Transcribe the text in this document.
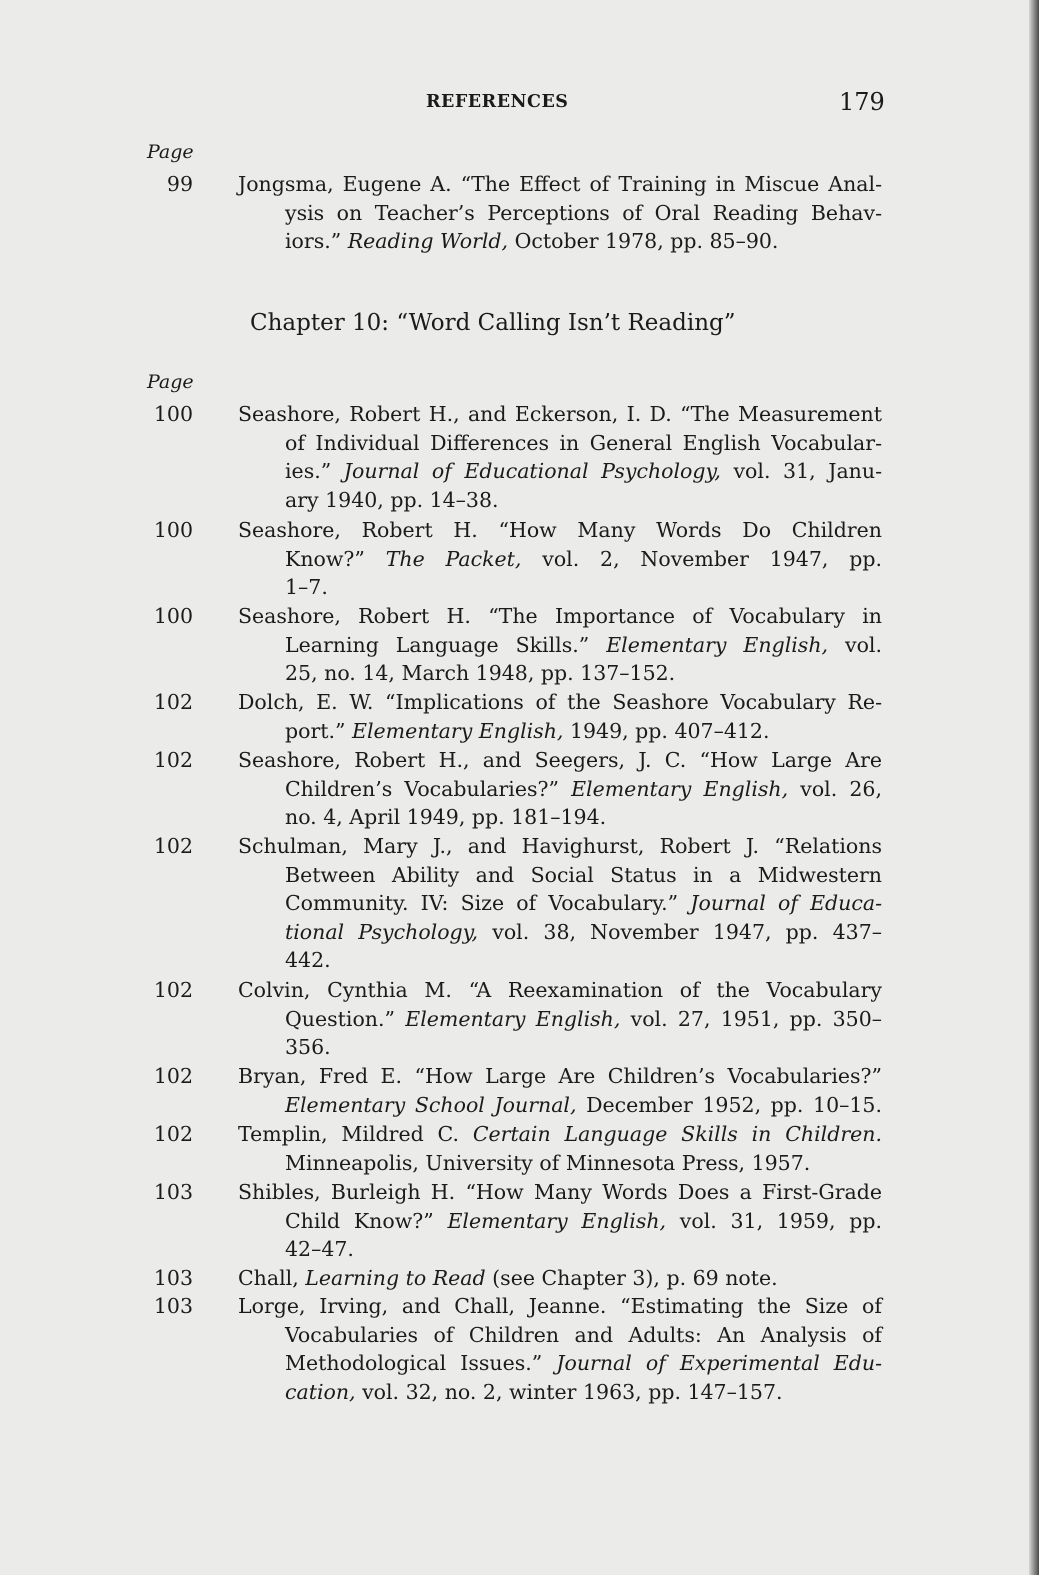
REFERENCES	179
Page
99 Jongsma, Eugene A. “The Effect of Training in Miscue Anal-
ysis on Teacher’s Perceptions of Oral Reading Behav-
iors.” Reading World, October 1978, pp. 85–90.
Chapter 10: “Word Calling Isn’t Reading”
Page
100 Seashore, Robert H., and Eckerson, I. D. “The Measurement
of Individual Differences in General English Vocabular-
ies.” Journal of Educational Psychology, vol. 31, Janu-
ary 1940, pp. 14–38.
100 Seashore, Robert H. “How Many Words Do Children
Know?” The Packet, vol. 2, November 1947, pp.
1–7.
100 Seashore, Robert H. “The Importance of Vocabulary in
Learning Language Skills.” Elementary English, vol.
25, no. 14, March 1948, pp. 137–152.
102 Dolch, E. W. “Implications of the Seashore Vocabulary Re-
port.” Elementary English, 1949, pp. 407–412.
102 Seashore, Robert H., and Seegers, J. C. “How Large Are
Children’s Vocabularies?” Elementary English, vol. 26,
no. 4, April 1949, pp. 181–194.
102 Schulman, Mary J., and Havighurst, Robert J. “Relations
Between Ability and Social Status in a Midwestern
Community. IV: Size of Vocabulary.” Journal of Educa-
tional Psychology, vol. 38, November 1947, pp. 437–
442.
102 Colvin, Cynthia M. “A Reexamination of the Vocabulary
Question.” Elementary English, vol. 27, 1951, pp. 350–
356.
102 Bryan, Fred E. “How Large Are Children’s Vocabularies?”
Elementary School Journal, December 1952, pp. 10–15.
102 Templin, Mildred C. Certain Language Skills in Children.
Minneapolis, University of Minnesota Press, 1957.
103 Shibles, Burleigh H. “How Many Words Does a First-Grade
Child Know?” Elementary English, vol. 31, 1959, pp.
42–47.
103 Chall, Learning to Read (see Chapter 3), p. 69 note.
103 Lorge, Irving, and Chall, Jeanne. “Estimating the Size of
Vocabularies of Children and Adults: An Analysis of
Methodological Issues.” Journal of Experimental Edu-
cation, vol. 32, no. 2, winter 1963, pp. 147–157.
